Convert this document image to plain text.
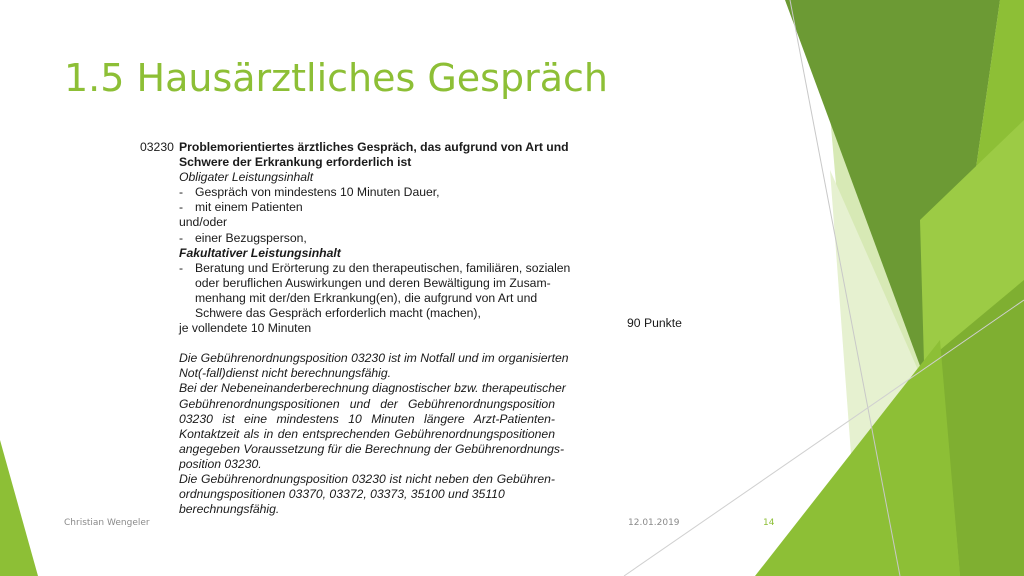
1.5 Hausärztliches Gespräch
03230 Problemorientiertes ärztliches Gespräch, das aufgrund von Art und
Schwere der Erkrankung erforderlich ist
Obligater Leistungsinhalt
- Gespräch von mindestens 10 Minuten Dauer,
- mit einem Patienten
und/oder
- einer Bezugsperson,
Fakultativer Leistungsinhalt
- Beratung und Erörterung zu den therapeutischen, familiären, sozialen
oder beruflichen Auswirkungen und deren Bewältigung im Zusam-
menhang mit der/den Erkrankung(en), die aufgrund von Art und
Schwere das Gespräch erforderlich macht (machen),
je vollendete 10 Minuten
Die Gebührenordnungsposition 03230 ist im Notfall und im organisierten
Not(-fall)dienst nicht berechnungsfähig.
Bei der Nebeneinanderberechnung diagnostischer bzw. therapeutischer
Gebührenordnungspositionen und der Gebührenordnungsposition
03230 ist eine mindestens 10 Minuten längere Arzt-Patienten-
Kontaktzeit als in den entsprechenden Gebührenordnungspositionen
angegeben Voraussetzung für die Berechnung der Gebührenordnungs-
position 03230.
Die Gebührenordnungsposition 03230 ist nicht neben den Gebühren-
ordnungspositionen 03370, 03372, 03373, 35100 und 35110
berechnungsfähig.
90 Punkte
Christian Wengeler	12.01.2019	14
